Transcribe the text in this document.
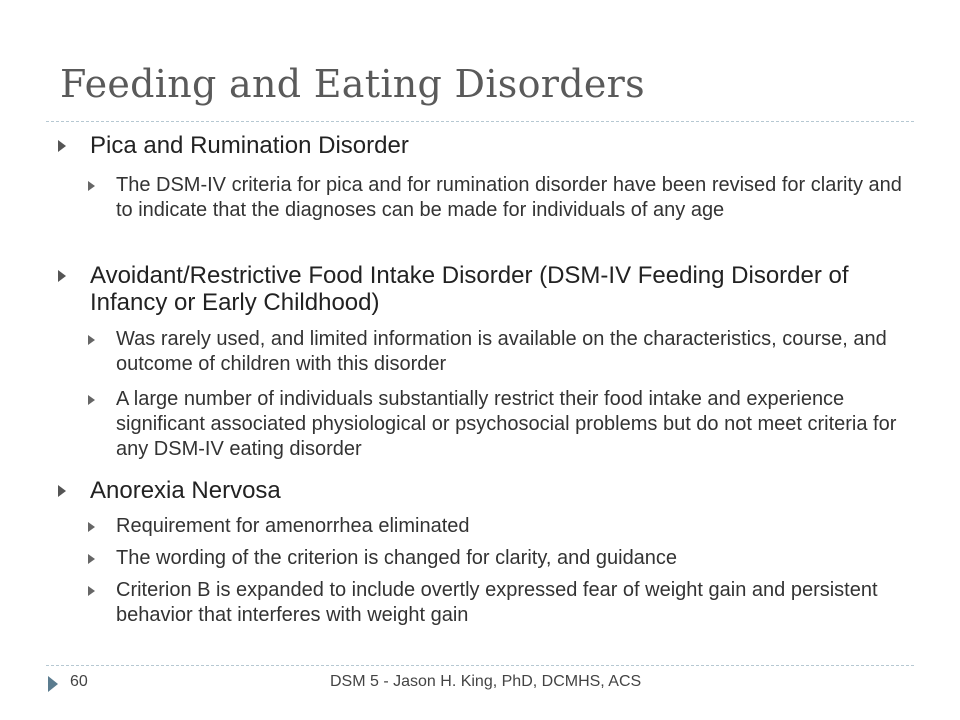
Feeding and Eating Disorders
Pica and Rumination Disorder
The DSM-IV criteria for pica and for rumination disorder have been revised for clarity and to indicate that the diagnoses can be made for individuals of any age
Avoidant/Restrictive Food Intake Disorder (DSM-IV Feeding Disorder of Infancy or Early Childhood)
Was rarely used, and limited information is available on the characteristics, course, and outcome of children with this disorder
A large number of individuals substantially restrict their food intake and experience significant associated physiological or psychosocial problems but do not meet criteria for any DSM-IV eating disorder
Anorexia Nervosa
Requirement for amenorrhea eliminated
The wording of the criterion is changed for clarity, and guidance
Criterion B is expanded to include overtly expressed fear of weight gain and persistent behavior that interferes with weight gain
60	DSM 5 - Jason H. King, PhD, DCMHS, ACS
